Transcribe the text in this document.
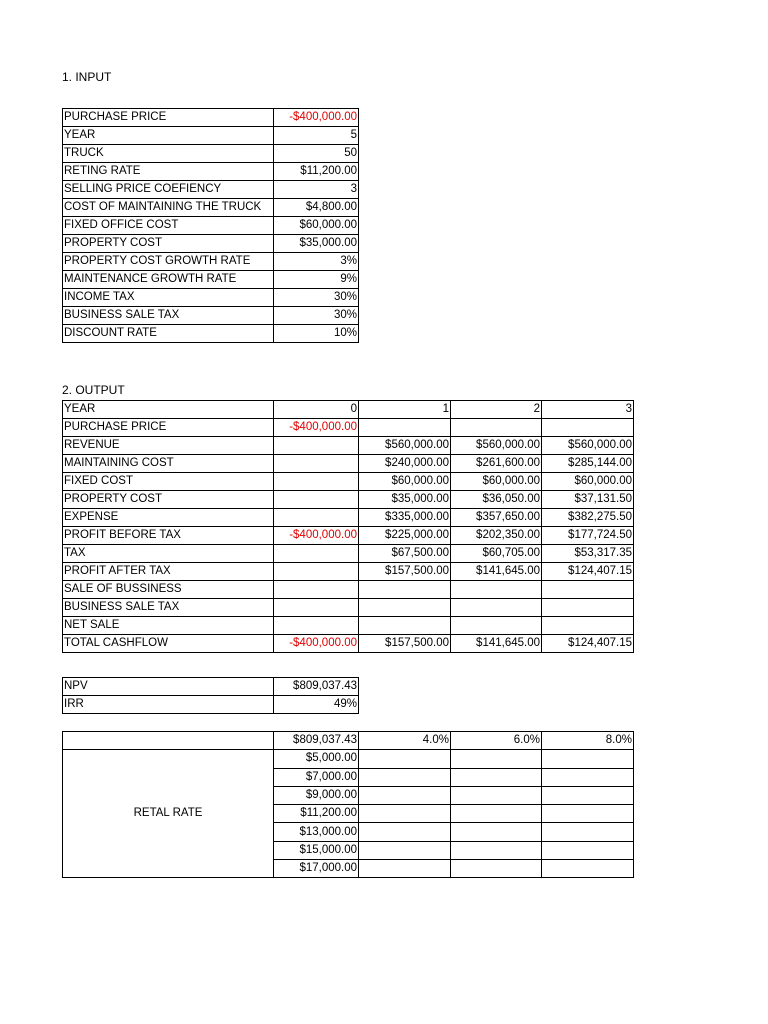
1. INPUT
PURCHASE PRICE	-$400,000.00
YEAR	5
TRUCK	50
RETING RATE	$11,200.00
SELLING PRICE COEFIENCY	3
COST OF MAINTAINING THE TRUCK	$4,800.00
FIXED OFFICE COST	$60,000.00
PROPERTY COST	$35,000.00
PROPERTY COST GROWTH RATE	3%
MAINTENANCE GROWTH RATE	9%
INCOME TAX	30%
BUSINESS SALE TAX	30%
DISCOUNT RATE	10%
2. OUTPUT
YEAR	0	1	2	3
PURCHASE PRICE	-$400,000.00			
REVENUE		$560,000.00	$560,000.00	$560,000.00
MAINTAINING COST		$240,000.00	$261,600.00	$285,144.00
FIXED COST		$60,000.00	$60,000.00	$60,000.00
PROPERTY COST		$35,000.00	$36,050.00	$37,131.50
EXPENSE		$335,000.00	$357,650.00	$382,275.50
PROFIT BEFORE TAX	-$400,000.00	$225,000.00	$202,350.00	$177,724.50
TAX		$67,500.00	$60,705.00	$53,317.35
PROFIT AFTER TAX		$157,500.00	$141,645.00	$124,407.15
SALE OF BUSSINESS				
BUSINESS SALE TAX				
NET SALE				
TOTAL CASHFLOW	-$400,000.00	$157,500.00	$141,645.00	$124,407.15
NPV	$809,037.43
IRR	49%
	$809,037.43	4.0%	6.0%	8.0%
RETAL RATE	$5,000.00			
	$7,000.00			
	$9,000.00			
	$11,200.00			
	$13,000.00			
	$15,000.00			
	$17,000.00			
